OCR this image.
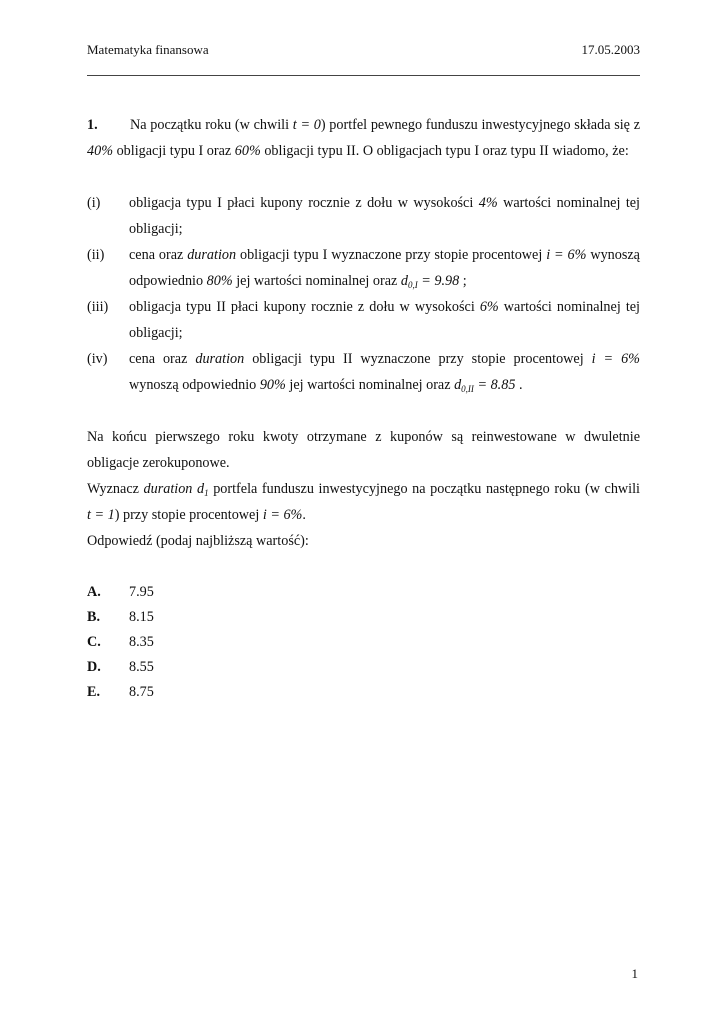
Matematyka finansowa	17.05.2003

1. Na początku roku (w chwili t = 0) portfel pewnego funduszu inwestycyjnego składa się z 40% obligacji typu I oraz 60% obligacji typu II. O obligacjach typu I oraz typu II wiadomo, że:

(i) obligacja typu I płaci kupony rocznie z dołu w wysokości 4% wartości nominalnej tej obligacji;
(ii) cena oraz duration obligacji typu I wyznaczone przy stopie procentowej i = 6% wynoszą odpowiednio 80% jej wartości nominalnej oraz $d_{0,I} = 9.98$ ;
(iii) obligacja typu II płaci kupony rocznie z dołu w wysokości 6% wartości nominalnej tej obligacji;
(iv) cena oraz duration obligacji typu II wyznaczone przy stopie procentowej i = 6% wynoszą odpowiednio 90% jej wartości nominalnej oraz $d_{0,II} = 8.85$ .

Na końcu pierwszego roku kwoty otrzymane z kuponów są reinwestowane w dwuletnie obligacje zerokuponowe.

Wyznacz duration $d_1$ portfela funduszu inwestycyjnego na początku następnego roku (w chwili t = 1) przy stopie procentowej i = 6%.

Odpowiedź (podaj najbliższą wartość):

A.	7.95
B.	8.15
C.	8.35
D.	8.55
E.	8.75
1
